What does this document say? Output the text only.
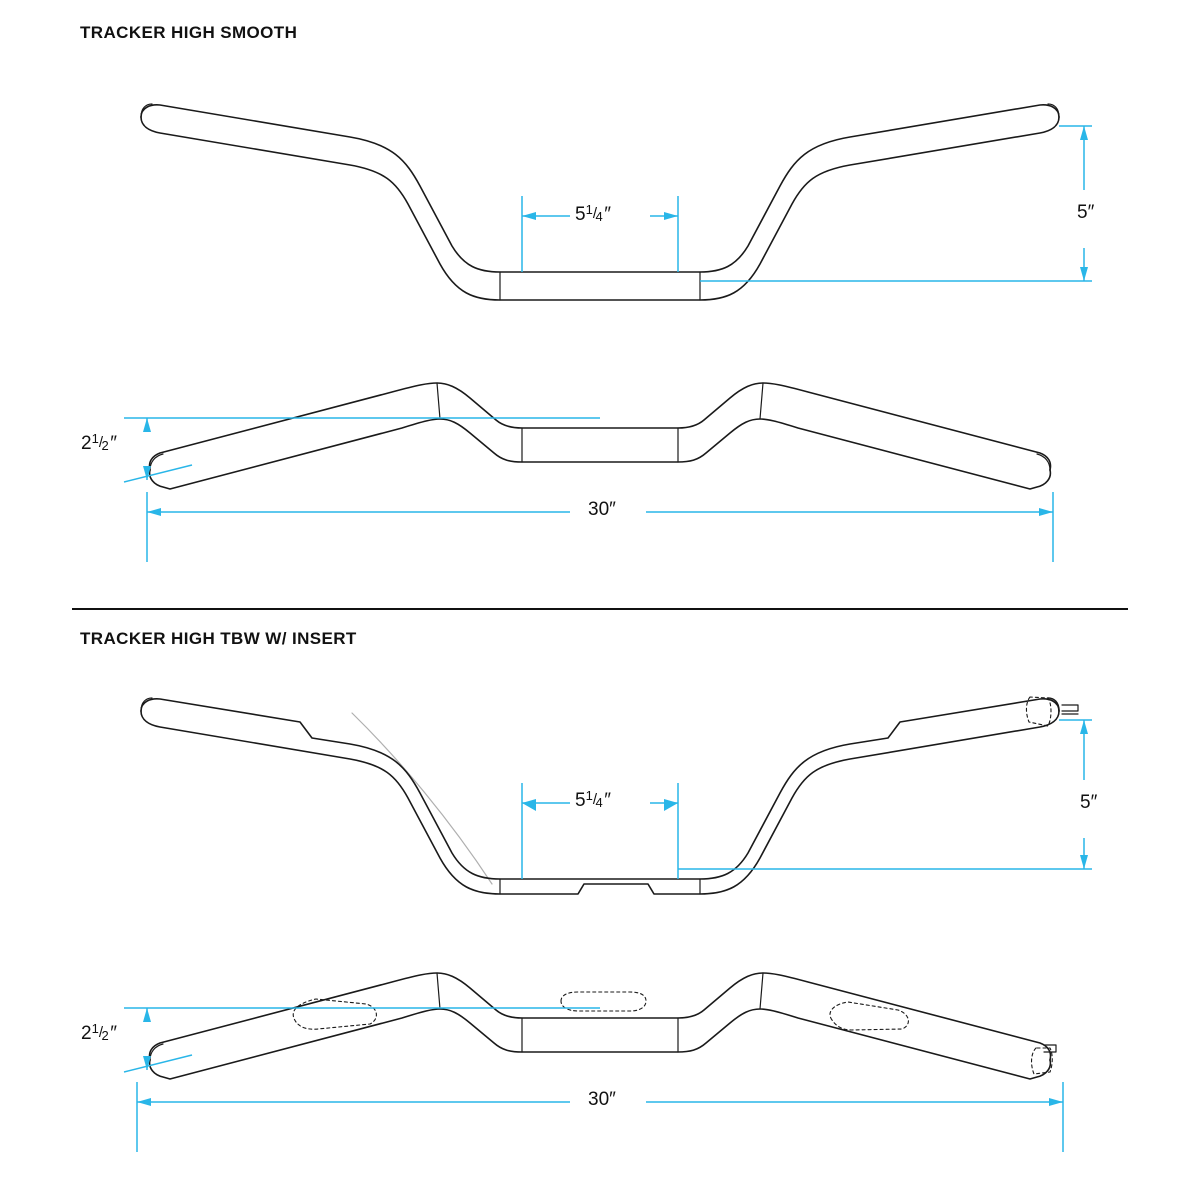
TRACKER HIGH SMOOTH
TRACKER HIGH TBW W/ INSERT
51/4″	5″
21/2″
30″
51/4″	5″
21/2″
30″
